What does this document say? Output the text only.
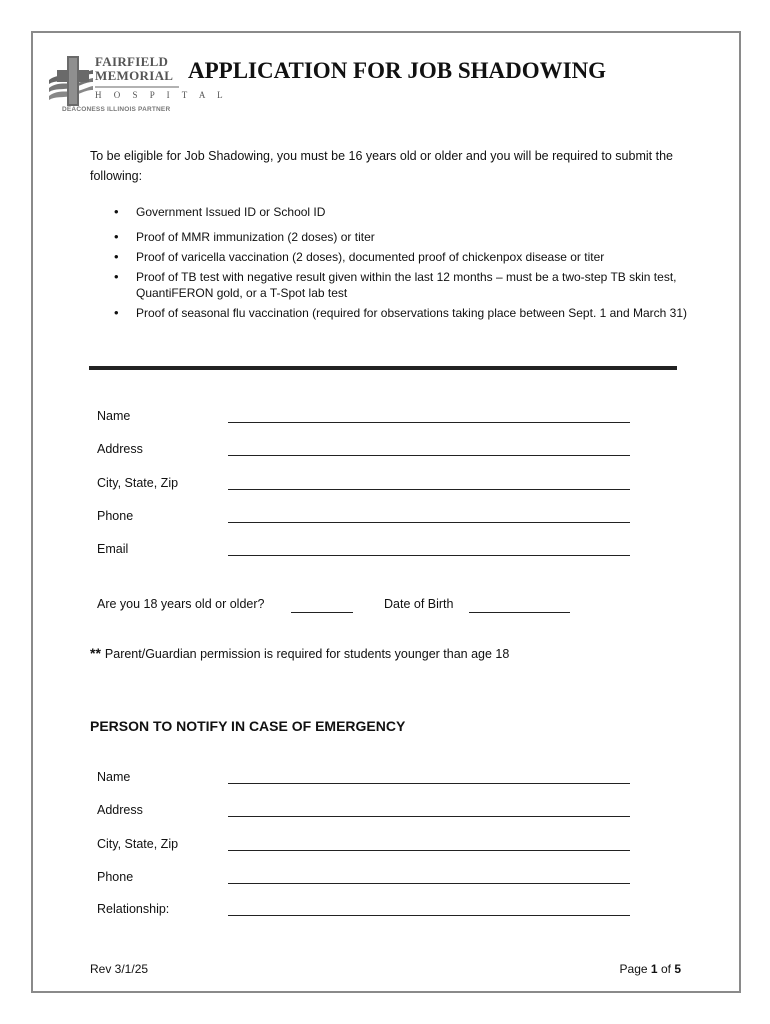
FAIRFIELD
MEMORIAL
H O S P I T A L
DEACONESS ILLINOIS PARTNER
APPLICATION FOR JOB SHADOWING
To be eligible for Job Shadowing, you must be 16 years old or older and you will be required to submit the following:
• Government Issued ID or School ID
• Proof of MMR immunization (2 doses) or titer
• Proof of varicella vaccination (2 doses), documented proof of chickenpox disease or titer
• Proof of TB test with negative result given within the last 12 months – must be a two-step TB skin test, QuantiFERON gold, or a T-Spot lab test
• Proof of seasonal flu vaccination (required for observations taking place between Sept. 1 and March 31)
Name
Address
City, State, Zip
Phone
Email
Are you 18 years old or older?	Date of Birth
** Parent/Guardian permission is required for students younger than age 18
PERSON TO NOTIFY IN CASE OF EMERGENCY
Name
Address
City, State, Zip
Phone
Relationship:
Rev 3/1/25	Page 1 of 5
